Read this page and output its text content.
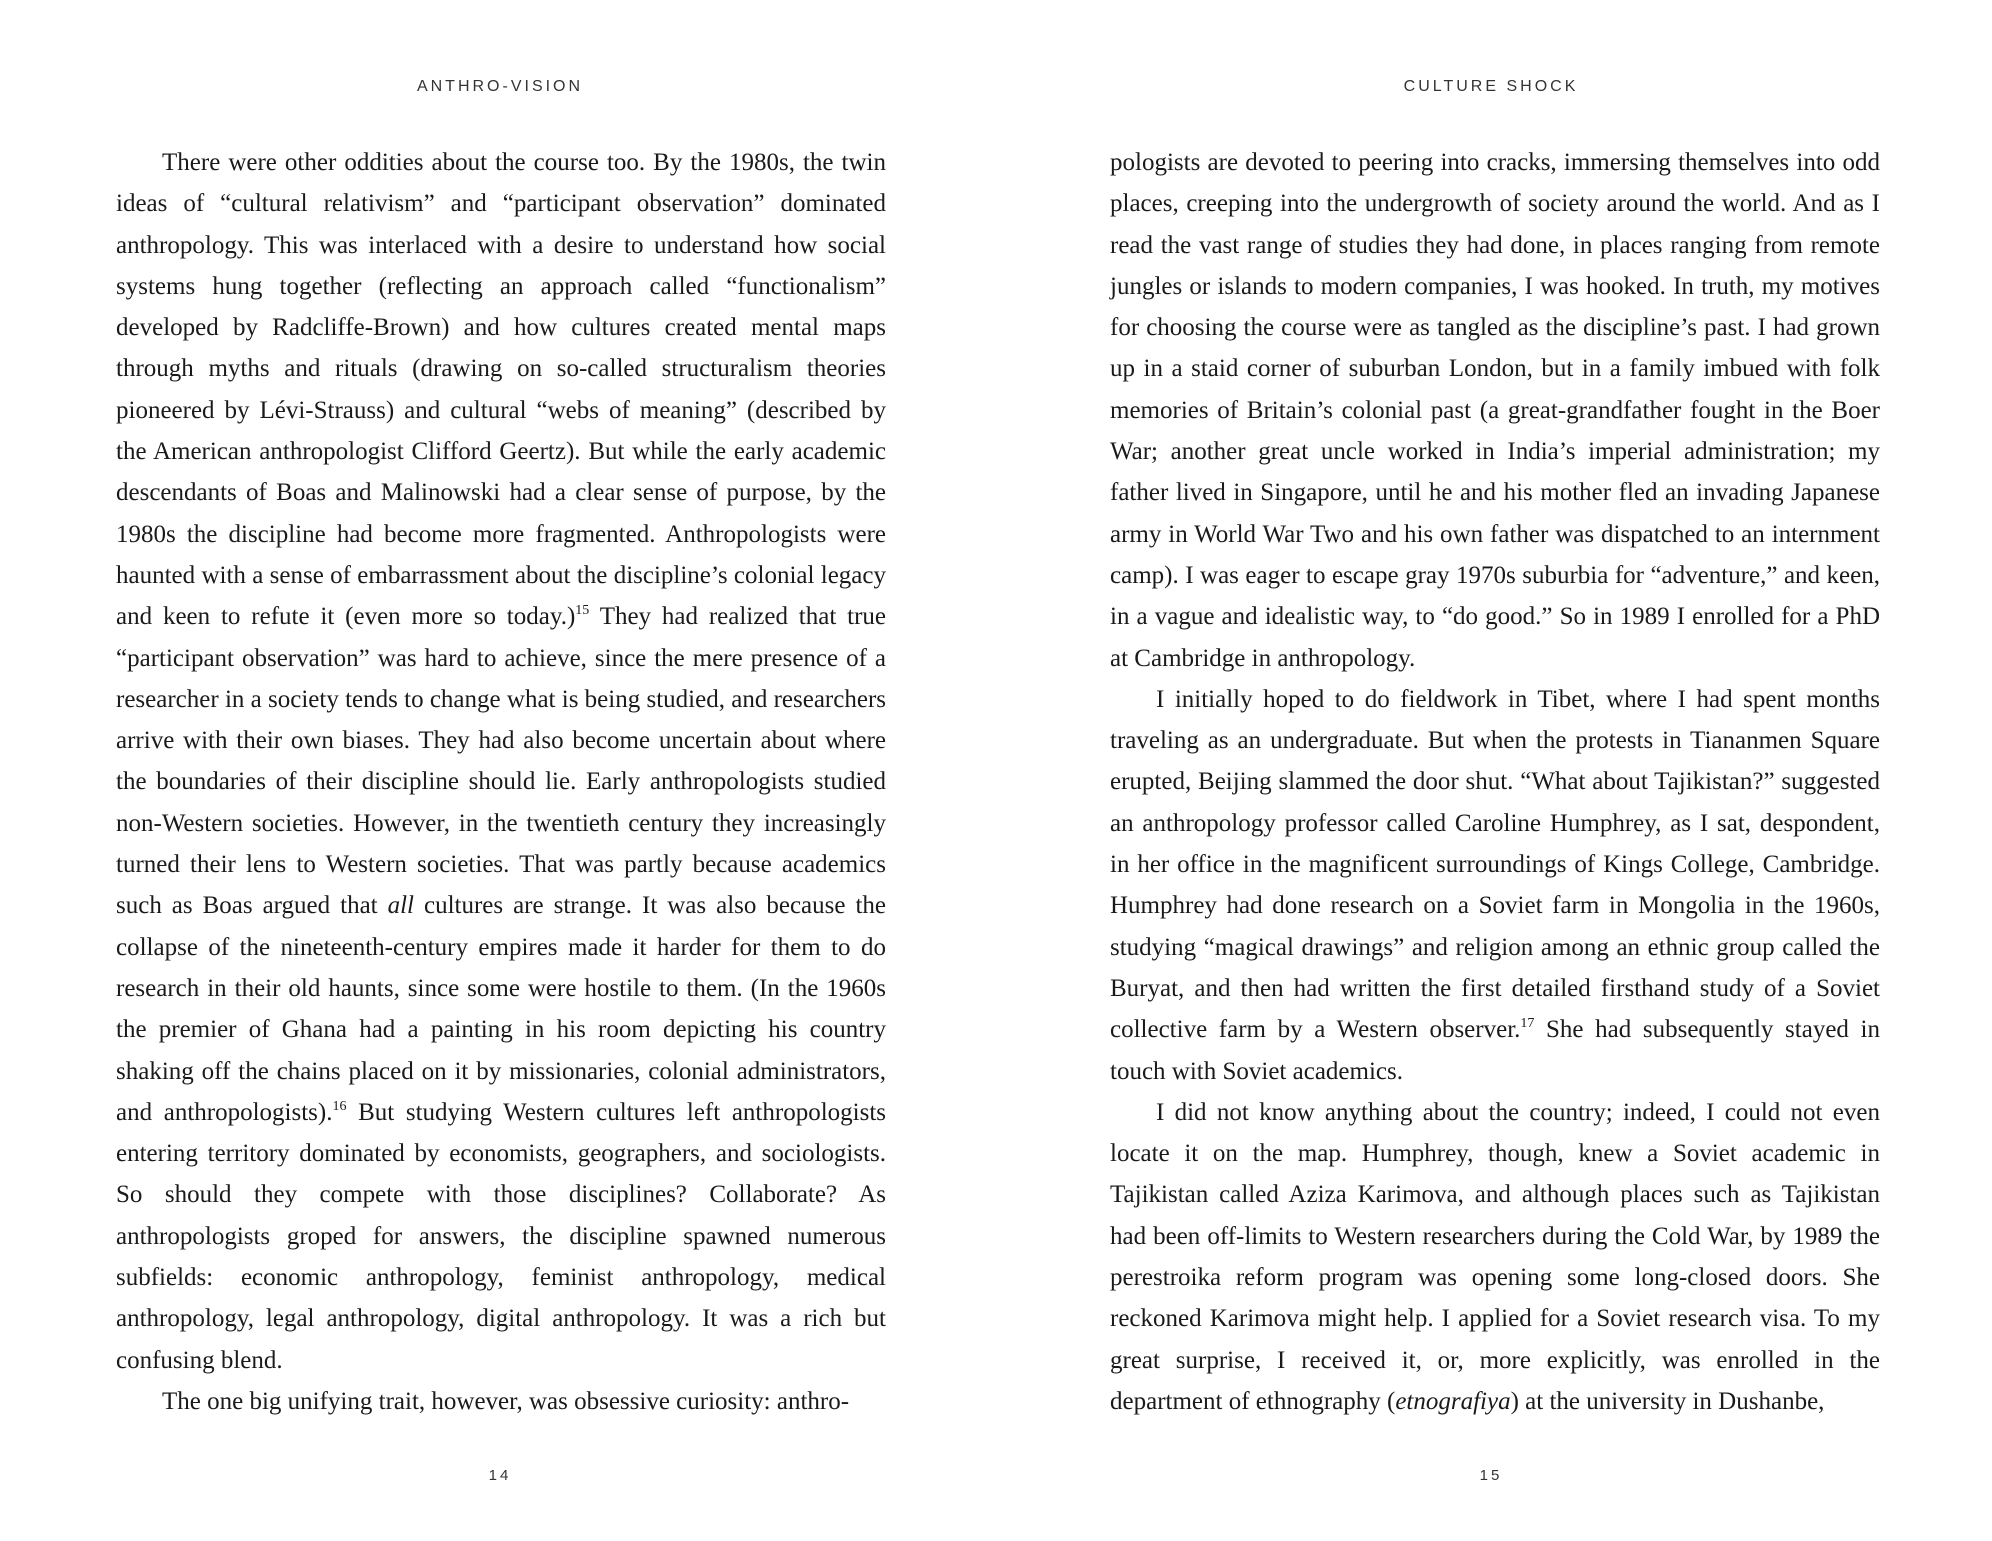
ANTHRO-VISION

There were other oddities about the course too. By the 1980s, the twin ideas of “cultural relativism” and “participant observation” dominated anthropology. This was interlaced with a desire to understand how social systems hung together (reflecting an approach called “functionalism” developed by Radcliffe-Brown) and how cultures created mental maps through myths and rituals (drawing on so-called structuralism theories pioneered by Lévi-Strauss) and cultural “webs of meaning” (described by the American anthropologist Clifford Geertz). But while the early academic descendants of Boas and Malinowski had a clear sense of purpose, by the 1980s the discipline had become more fragmented. Anthropologists were haunted with a sense of embarrassment about the discipline’s colonial legacy and keen to refute it (even more so today.)$^{15}$ They had realized that true “participant observation” was hard to achieve, since the mere presence of a researcher in a society tends to change what is being studied, and researchers arrive with their own biases. They had also become uncertain about where the boundaries of their discipline should lie. Early anthropologists studied non-Western societies. However, in the twentieth century they increasingly turned their lens to Western societies. That was partly because academics such as Boas argued that all cultures are strange. It was also because the collapse of the nineteenth-century empires made it harder for them to do research in their old haunts, since some were hostile to them. (In the 1960s the premier of Ghana had a painting in his room depicting his country shaking off the chains placed on it by missionaries, colonial administrators, and anthropologists).$^{16}$ But studying Western cultures left anthropologists entering territory dominated by economists, geographers, and sociologists. So should they compete with those disciplines? Collaborate? As anthropologists groped for answers, the discipline spawned numerous subfields: economic anthropology, feminist anthropology, medical anthropology, legal anthropology, digital anthropology. It was a rich but confusing blend.

The one big unifying trait, however, was obsessive curiosity: anthro-

14
CULTURE SHOCK

pologists are devoted to peering into cracks, immersing themselves into odd places, creeping into the undergrowth of society around the world. And as I read the vast range of studies they had done, in places ranging from remote jungles or islands to modern companies, I was hooked. In truth, my motives for choosing the course were as tangled as the discipline’s past. I had grown up in a staid corner of suburban London, but in a family imbued with folk memories of Britain’s colonial past (a great-grandfather fought in the Boer War; another great uncle worked in India’s imperial administration; my father lived in Singapore, until he and his mother fled an invading Japanese army in World War Two and his own father was dispatched to an internment camp). I was eager to escape gray 1970s suburbia for “adventure,” and keen, in a vague and idealistic way, to “do good.” So in 1989 I enrolled for a PhD at Cambridge in anthropology.

I initially hoped to do fieldwork in Tibet, where I had spent months traveling as an undergraduate. But when the protests in Tiananmen Square erupted, Beijing slammed the door shut. “What about Tajikistan?” suggested an anthropology professor called Caroline Humphrey, as I sat, despondent, in her office in the magnificent surroundings of Kings College, Cambridge. Humphrey had done research on a Soviet farm in Mongolia in the 1960s, studying “magical drawings” and religion among an ethnic group called the Buryat, and then had written the first detailed firsthand study of a Soviet collective farm by a Western observer.$^{17}$ She had subsequently stayed in touch with Soviet academics.

I did not know anything about the country; indeed, I could not even locate it on the map. Humphrey, though, knew a Soviet academic in Tajikistan called Aziza Karimova, and although places such as Tajikistan had been off-limits to Western researchers during the Cold War, by 1989 the perestroika reform program was opening some long-closed doors. She reckoned Karimova might help. I applied for a Soviet research visa. To my great surprise, I received it, or, more explicitly, was enrolled in the department of ethnography (etnografiya) at the university in Dushanbe,

15
